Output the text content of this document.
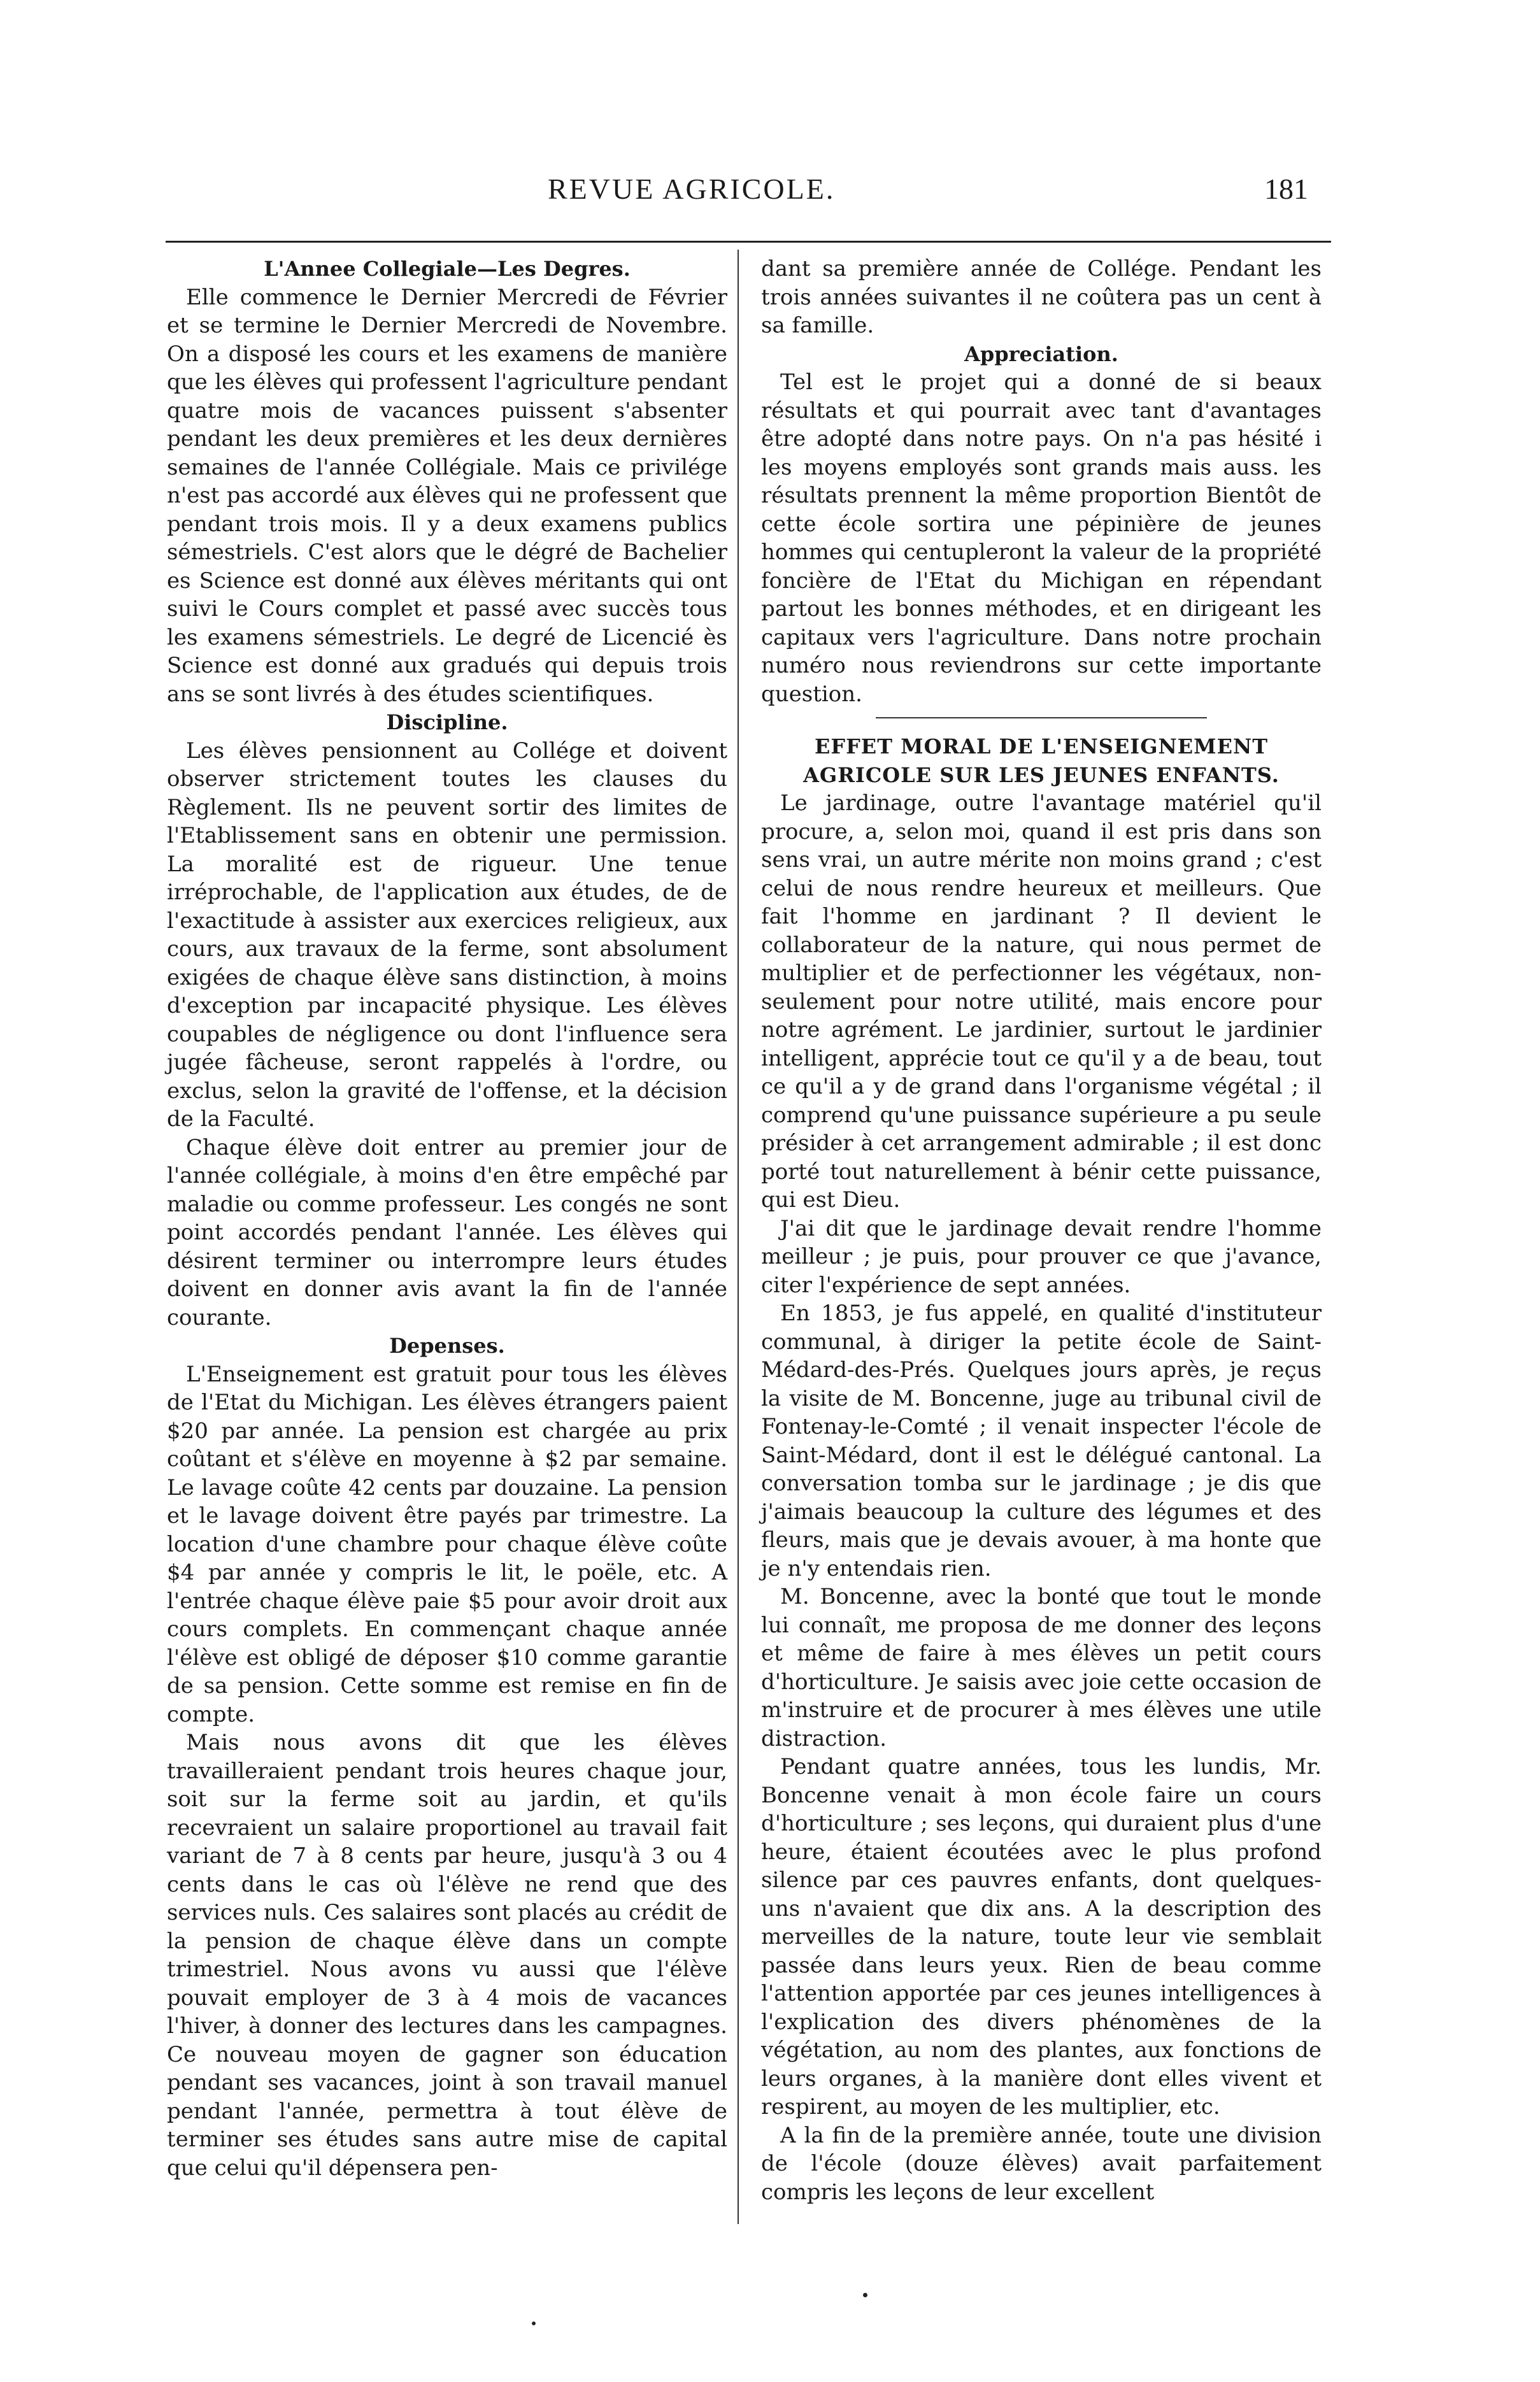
REVUE AGRICOLE.	181
L'Annee Collegiale—Les Degres.

Elle commence le Dernier Mercredi de Février et se termine le Dernier Mercredi de Novembre. On a disposé les cours et les examens de manière que les élèves qui professent l'agriculture pendant quatre mois de vacances puissent s'absenter pendant les deux premières et les deux dernières semaines de l'année Collégiale. Mais ce privilége n'est pas accordé aux élèves qui ne professent que pendant trois mois. Il y a deux examens publics sémestriels. C'est alors que le dégré de Bachelier es Science est donné aux élèves méritants qui ont suivi le Cours complet et passé avec succès tous les examens sémestriels. Le degré de Licencié ès Science est donné aux gradués qui depuis trois ans se sont livrés à des études scientifiques.

Discipline.

Les élèves pensionnent au Collége et doivent observer strictement toutes les clauses du Règlement. Ils ne peuvent sortir des limites de l'Etablissement sans en obtenir une permission. La moralité est de rigueur. Une tenue irréprochable, de l'application aux études, de de l'exactitude à assister aux exercices religieux, aux cours, aux travaux de la ferme, sont absolument exigées de chaque élève sans distinction, à moins d'exception par incapacité physique. Les élèves coupables de négligence ou dont l'influence sera jugée fâcheuse, seront rappelés à l'ordre, ou exclus, selon la gravité de l'offense, et la décision de la Faculté.

Chaque élève doit entrer au premier jour de l'année collégiale, à moins d'en être empêché par maladie ou comme professeur. Les congés ne sont point accordés pendant l'année. Les élèves qui désirent terminer ou interrompre leurs études doivent en donner avis avant la fin de l'année courante.

Depenses.

L'Enseignement est gratuit pour tous les élèves de l'Etat du Michigan. Les élèves étrangers paient $20 par année. La pension est chargée au prix coûtant et s'élève en moyenne à $2 par semaine. Le lavage coûte 42 cents par douzaine. La pension et le lavage doivent être payés par trimestre. La location d'une chambre pour chaque élève coûte $4 par année y compris le lit, le poële, etc. A l'entrée chaque élève paie $5 pour avoir droit aux cours complets. En commençant chaque année l'élève est obligé de déposer $10 comme garantie de sa pension. Cette somme est remise en fin de compte.

Mais nous avons dit que les élèves travailleraient pendant trois heures chaque jour, soit sur la ferme soit au jardin, et qu'ils recevraient un salaire proportionel au travail fait variant de 7 à 8 cents par heure, jusqu'à 3 ou 4 cents dans le cas où l'élève ne rend que des services nuls. Ces salaires sont placés au crédit de la pension de chaque élève dans un compte trimestriel. Nous avons vu aussi que l'élève pouvait employer de 3 à 4 mois de vacances l'hiver, à donner des lectures dans les campagnes. Ce nouveau moyen de gagner son éducation pendant ses vacances, joint à son travail manuel pendant l'année, permettra à tout élève de terminer ses études sans autre mise de capital que celui qu'il dépensera pen-

dant sa première année de Collége. Pendant les trois années suivantes il ne coûtera pas un cent à sa famille.

Appreciation.

Tel est le projet qui a donné de si beaux résultats et qui pourrait avec tant d'avantages être adopté dans notre pays. On n'a pas hésité i les moyens employés sont grands mais auss. les résultats prennent la même proportion Bientôt de cette école sortira une pépinière de jeunes hommes qui centupleront la valeur de la propriété foncière de l'Etat du Michigan en répendant partout les bonnes méthodes, et en dirigeant les capitaux vers l'agriculture. Dans notre prochain numéro nous reviendrons sur cette importante question.

EFFET MORAL DE L'ENSEIGNEMENT AGRICOLE SUR LES JEUNES ENFANTS.

Le jardinage, outre l'avantage matériel qu'il procure, a, selon moi, quand il est pris dans son sens vrai, un autre mérite non moins grand ; c'est celui de nous rendre heureux et meilleurs. Que fait l'homme en jardinant ? Il devient le collaborateur de la nature, qui nous permet de multiplier et de perfectionner les végétaux, non-seulement pour notre utilité, mais encore pour notre agrément. Le jardinier, surtout le jardinier intelligent, apprécie tout ce qu'il y a de beau, tout ce qu'il a y de grand dans l'organisme végétal ; il comprend qu'une puissance supérieure a pu seule présider à cet arrangement admirable ; il est donc porté tout naturellement à bénir cette puissance, qui est Dieu.

J'ai dit que le jardinage devait rendre l'homme meilleur ; je puis, pour prouver ce que j'avance, citer l'expérience de sept années.

En 1853, je fus appelé, en qualité d'instituteur communal, à diriger la petite école de Saint-Médard-des-Prés. Quelques jours après, je reçus la visite de M. Boncenne, juge au tribunal civil de Fontenay-le-Comté ; il venait inspecter l'école de Saint-Médard, dont il est le délégué cantonal. La conversation tomba sur le jardinage ; je dis que j'aimais beaucoup la culture des légumes et des fleurs, mais que je devais avouer, à ma honte que je n'y entendais rien.

M. Boncenne, avec la bonté que tout le monde lui connaît, me proposa de me donner des leçons et même de faire à mes élèves un petit cours d'horticulture. Je saisis avec joie cette occasion de m'instruire et de procurer à mes élèves une utile distraction.

Pendant quatre années, tous les lundis, Mr. Boncenne venait à mon école faire un cours d'horticulture ; ses leçons, qui duraient plus d'une heure, étaient écoutées avec le plus profond silence par ces pauvres enfants, dont quelques-uns n'avaient que dix ans. A la description des merveilles de la nature, toute leur vie semblait passée dans leurs yeux. Rien de beau comme l'attention apportée par ces jeunes intelligences à l'explication des divers phénomènes de la végétation, au nom des plantes, aux fonctions de leurs organes, à la manière dont elles vivent et respirent, au moyen de les multiplier, etc.

A la fin de la première année, toute une division de l'école (douze élèves) avait parfaitement compris les leçons de leur excellent
